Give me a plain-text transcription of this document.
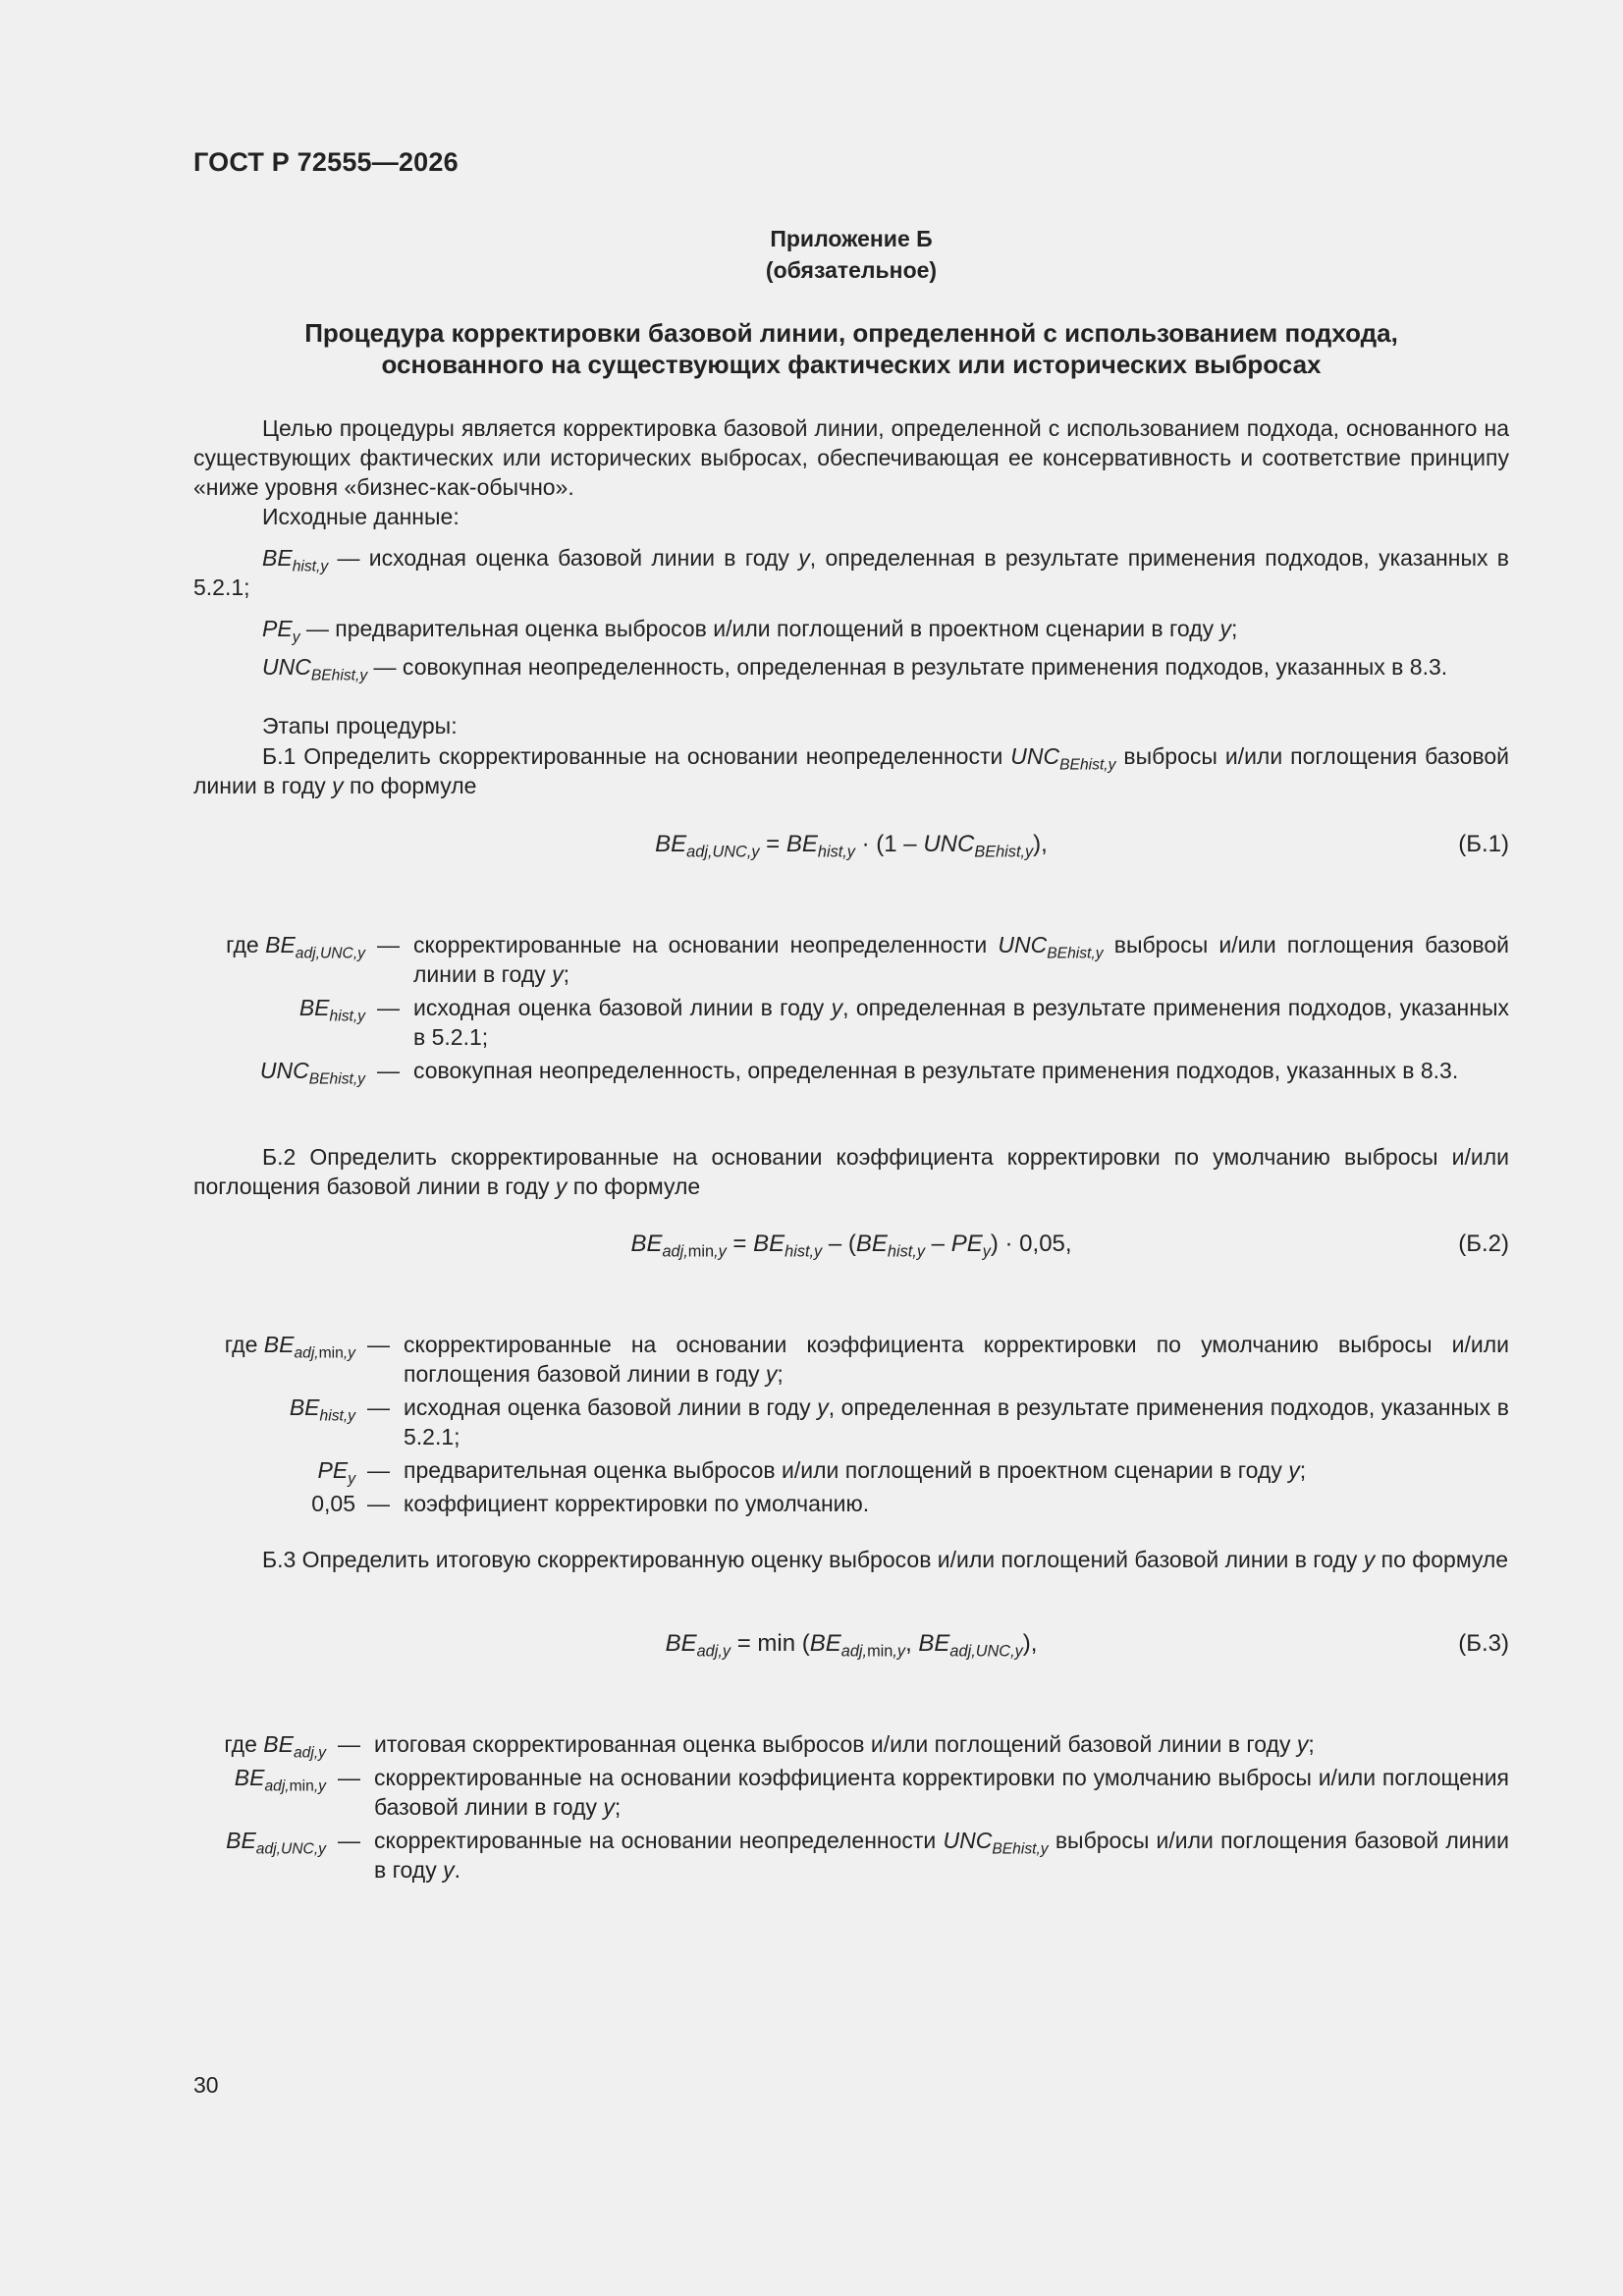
ГОСТ Р 72555—2026
Приложение Б
(обязательное)
Процедура корректировки базовой линии, определенной с использованием подхода,
основанного на существующих фактических или исторических выбросах
Целью процедуры является корректировка базовой линии, определенной с использованием подхода, основанного на существующих фактических или исторических выбросах, обеспечивающая ее консервативность и соответствие принципу «ниже уровня «бизнес-как-обычно».
Исходные данные:
$BE_{hist,y}$ — исходная оценка базовой линии в году y, определенная в результате применения подходов, указанных в 5.2.1;
$PE_y$ — предварительная оценка выбросов и/или поглощений в проектном сценарии в году y;
$UNC_{BEhist,y}$ — совокупная неопределенность, определенная в результате применения подходов, указанных в 8.3.
Этапы процедуры:
Б.1 Определить скорректированные на основании неопределенности $UNC_{BEhist,y}$ выбросы и/или поглощения базовой линии в году y по формуле
$BE_{adj,UNC,y} = BE_{hist,y} \cdot (1 - UNC_{BEhist,y})$,	(Б.1)
где $BE_{adj,UNC,y}$ — скорректированные на основании неопределенности $UNC_{BEhist,y}$ выбросы и/или поглощения базовой линии в году y;
$BE_{hist,y}$ — исходная оценка базовой линии в году y, определенная в результате применения подходов, указанных в 5.2.1;
$UNC_{BEhist,y}$ — совокупная неопределенность, определенная в результате применения подходов, указанных в 8.3.
Б.2 Определить скорректированные на основании коэффициента корректировки по умолчанию выбросы и/или поглощения базовой линии в году y по формуле
$BE_{adj,min,y} = BE_{hist,y} - (BE_{hist,y} - PE_y) \cdot 0,05$,	(Б.2)
где $BE_{adj,min,y}$ — скорректированные на основании коэффициента корректировки по умолчанию выбросы и/или поглощения базовой линии в году y;
$BE_{hist,y}$ — исходная оценка базовой линии в году y, определенная в результате применения подходов, указанных в 5.2.1;
$PE_y$ — предварительная оценка выбросов и/или поглощений в проектном сценарии в году y;
0,05 — коэффициент корректировки по умолчанию.
Б.3 Определить итоговую скорректированную оценку выбросов и/или поглощений базовой линии в году y по формуле
$BE_{adj,y} = \min (BE_{adj,min,y}$, $BE_{adj,UNC,y}$),	(Б.3)
где $BE_{adj,y}$ — итоговая скорректированная оценка выбросов и/или поглощений базовой линии в году y;
$BE_{adj,min,y}$ — скорректированные на основании коэффициента корректировки по умолчанию выбросы и/или поглощения базовой линии в году y;
$BE_{adj,UNC,y}$ — скорректированные на основании неопределенности $UNC_{BEhist,y}$ выбросы и/или поглощения базовой линии в году y.
30
